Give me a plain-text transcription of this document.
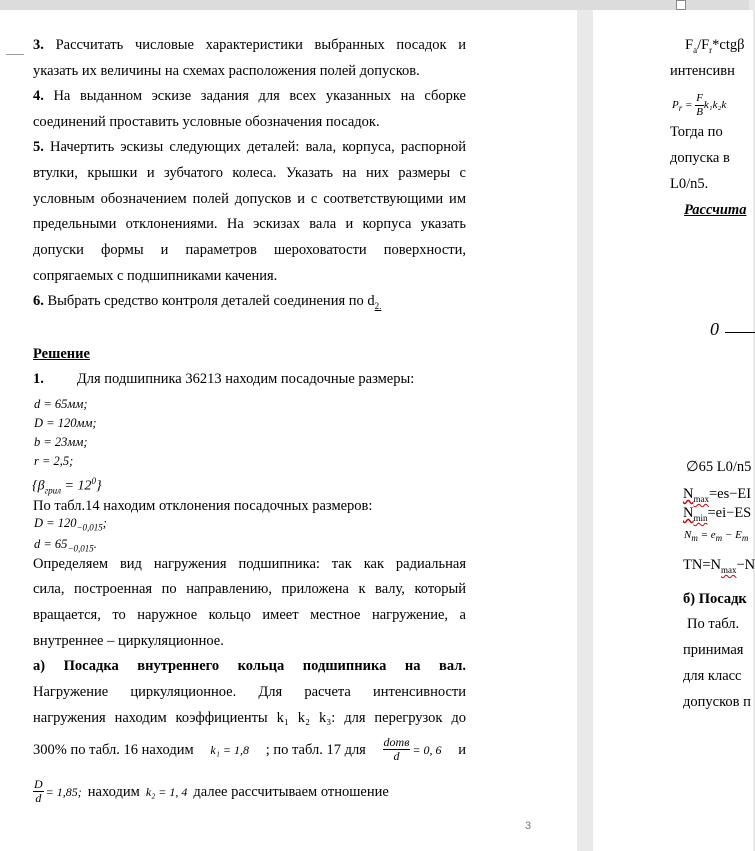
3. Рассчитать числовые характеристики выбранных посадок и
указать их величины на схемах расположения полей допусков.
4. На выданном эскизе задания для всех указанных на сборке
соединений проставить условные обозначения посадок.
5. Начертить эскизы следующих деталей: вала, корпуса, распорной
втулки, крышки и зубчатого колеса. Указать на них размеры с
условным обозначением полей допусков и с соответствующими им
предельными отклонениями. На эскизах вала и корпуса указать
допуски формы и параметров шероховатости поверхности,
сопрягаемых с подшипниками качения.
6. Выбрать средство контроля деталей соединения по $d_{2.}$
Решение
1. Для подшипника 36213 находим посадочные размеры:
d = 65мм;
D = 120мм;
b = 23мм;
r = 2,5;
$\{\beta_{грил} = 12^0\}$
По табл.14 находим отклонения посадочных размеров:
$D = 120_{-0,015}$;
$d = 65_{-0,015}$.
Определяем вид нагружения подшипника: так как радиальная
сила, построенная по направлению, приложена к валу, который
вращается, то наружное кольцо имеет местное нагружение, а
внутреннее – циркуляционное.
а) Посадка внутреннего кольца подшипника на вал.
Нагружение циркуляционное. Для расчета интенсивности
нагружения находим коэффициенты k₁ k₂ k₃: для перегрузок до
300% по табл. 16 находим k₁ = 1,8 ; по табл. 17 для $\frac{\text{dотв}}{d} = 0$, 6 и
$\frac{D}{d} = 1,85$; находим k₂ = 1, 4 далее рассчитываем отношение
3
$F_a/F_r*ctg\beta$
интенсивн
$P_r = \frac{F}{B} k_1k_2k$
Тогда по
допуска в
L0/n5.
Рассчита
0
∅65 L0/n5
$N_{max}=es-EI$
$N_{min}=ei-ES$
$N_m = e_m - E_m$
$TN=N_{max}-N$
б) Посадк
По табл.
принимая
для класс
допусков п
